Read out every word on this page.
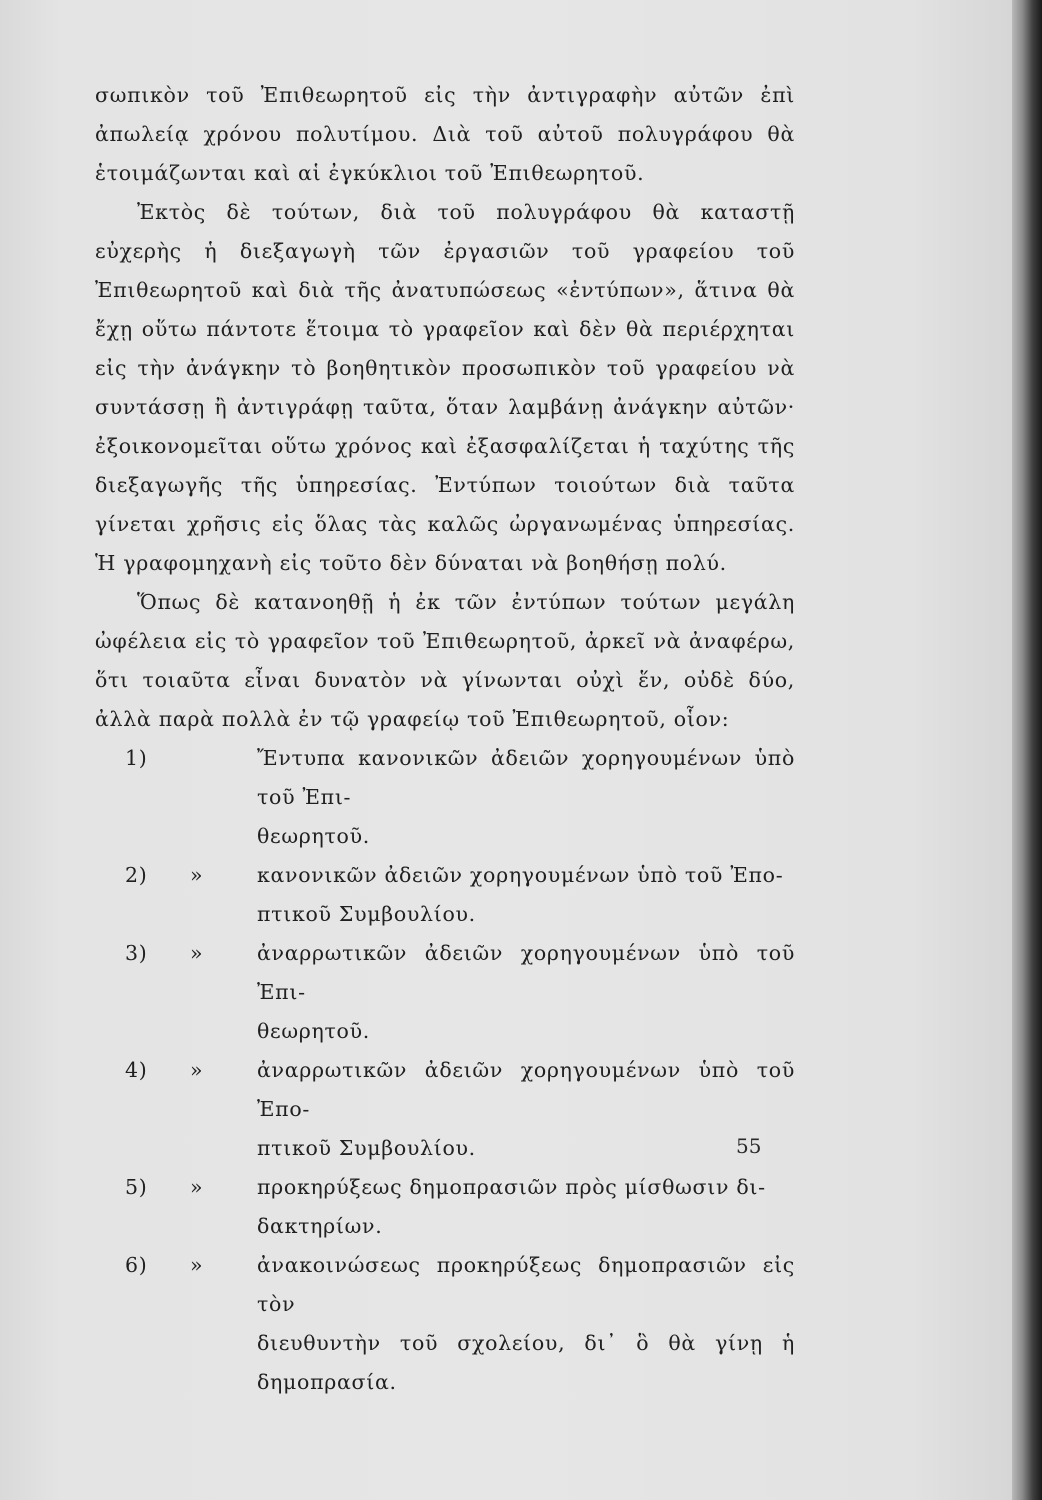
σωπικὸν τοῦ Ἐπιθεωρητοῦ εἰς τὴν ἀντιγραφὴν αὐτῶν ἐπὶ ἀπωλείᾳ χρόνου πολυτίμου. Διὰ τοῦ αὐτοῦ πολυγράφου θὰ ἑτοιμάζωνται καὶ αἱ ἐγκύκλιοι τοῦ Ἐπιθεωρητοῦ.

Ἐκτὸς δὲ τούτων, διὰ τοῦ πολυγράφου θὰ καταστῇ εὐχερὴς ἡ διεξαγωγὴ τῶν ἐργασιῶν τοῦ γραφείου τοῦ Ἐπιθεωρητοῦ καὶ διὰ τῆς ἀνατυπώσεως «ἐντύπων», ἅτινα θὰ ἔχῃ οὕτω πάντοτε ἕτοιμα τὸ γραφεῖον καὶ δὲν θὰ περιέρχηται εἰς τὴν ἀνάγκην τὸ βοηθητικὸν προσωπικὸν τοῦ γραφείου νὰ συντάσσῃ ἢ ἀντιγράφῃ ταῦτα, ὅταν λαμβάνῃ ἀνάγκην αὐτῶν· ἐξοικονομεῖται οὕτω χρόνος καὶ ἐξασφαλίζεται ἡ ταχύτης τῆς διεξαγωγῆς τῆς ὑπηρεσίας. Ἐντύπων τοιούτων διὰ ταῦτα γίνεται χρῆσις εἰς ὅλας τὰς καλῶς ὠργανωμένας ὑπηρεσίας. Ἡ γραφομηχανὴ εἰς τοῦτο δὲν δύναται νὰ βοηθήσῃ πολύ.

Ὅπως δὲ κατανοηθῇ ἡ ἐκ τῶν ἐντύπων τούτων μεγάλη ὠφέλεια εἰς τὸ γραφεῖον τοῦ Ἐπιθεωρητοῦ, ἀρκεῖ νὰ ἀναφέρω, ὅτι τοιαῦτα εἶναι δυνατὸν νὰ γίνωνται οὐχὶ ἕν, οὐδὲ δύο, ἀλλὰ παρὰ πολλὰ ἐν τῷ γραφείῳ τοῦ Ἐπιθεωρητοῦ, οἷον:

1)	Ἔντυπα κανονικῶν ἀδειῶν χορηγουμένων ὑπὸ τοῦ Ἐπι-
θεωρητοῦ.
2) »	κανονικῶν ἀδειῶν χορηγουμένων ὑπὸ τοῦ Ἐπο-
πτικοῦ Συμβουλίου.
3) »	ἀναρρωτικῶν ἀδειῶν χορηγουμένων ὑπὸ τοῦ Ἐπι-
θεωρητοῦ.
4) »	ἀναρρωτικῶν ἀδειῶν χορηγουμένων ὑπὸ τοῦ Ἐπο-
πτικοῦ Συμβουλίου.
5) »	προκηρύξεως δημοπρασιῶν πρὸς μίσθωσιν δι-
δακτηρίων.
6) »	ἀνακοινώσεως προκηρύξεως δημοπρασιῶν εἰς τὸν
διευθυντὴν τοῦ σχολείου, δι᾽ ὃ θὰ γίνῃ ἡ δημοπρασία.
55
